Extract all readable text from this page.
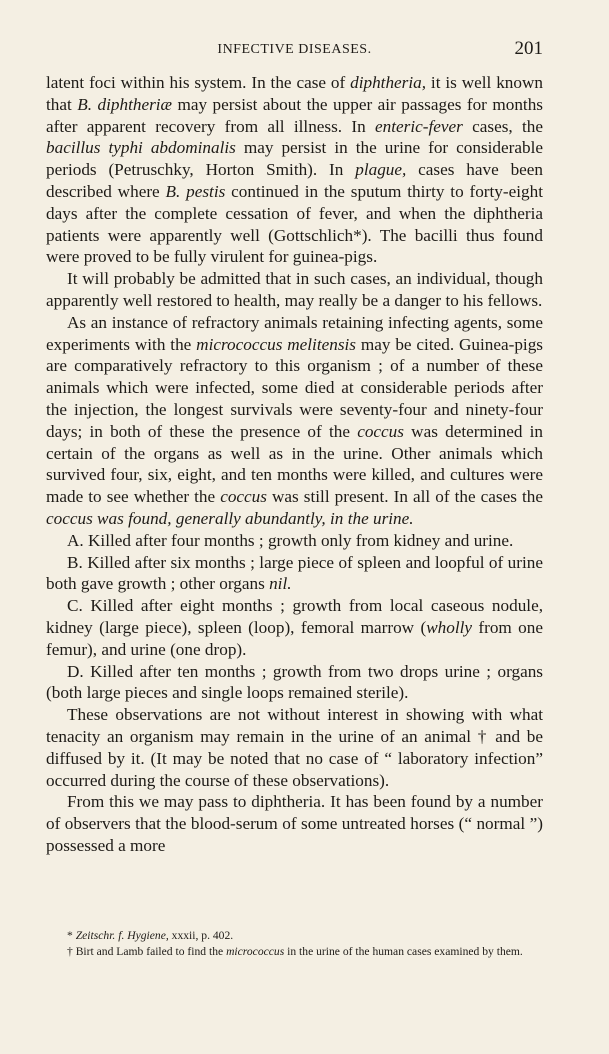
INFECTIVE DISEASES.	201

latent foci within his system. In the case of diphtheria, it is well known that B. diphtheriæ may persist about the upper air passages for months after apparent recovery from all illness. In enteric-fever cases, the bacillus typhi abdominalis may persist in the urine for considerable periods (Petruschky, Horton Smith). In plague, cases have been described where B. pestis continued in the sputum thirty to forty-eight days after the complete cessation of fever, and when the diphtheria patients were apparently well (Gottschlich*). The bacilli thus found were proved to be fully virulent for guinea-pigs.

It will probably be admitted that in such cases, an individual, though apparently well restored to health, may really be a danger to his fellows.

As an instance of refractory animals retaining infecting agents, some experiments with the micrococcus melitensis may be cited. Guinea-pigs are comparatively refractory to this organism ; of a number of these animals which were infected, some died at considerable periods after the injection, the longest survivals were seventy-four and ninety-four days; in both of these the presence of the coccus was determined in certain of the organs as well as in the urine. Other animals which survived four, six, eight, and ten months were killed, and cultures were made to see whether the coccus was still present. In all of the cases the coccus was found, generally abundantly, in the urine.

A. Killed after four months ; growth only from kidney and urine.

B. Killed after six months ; large piece of spleen and loopful of urine both gave growth ; other organs nil.

C. Killed after eight months ; growth from local caseous nodule, kidney (large piece), spleen (loop), femoral marrow (wholly from one femur), and urine (one drop).

D. Killed after ten months ; growth from two drops urine ; organs (both large pieces and single loops remained sterile).

These observations are not without interest in showing with what tenacity an organism may remain in the urine of an animal † and be diffused by it. (It may be noted that no case of “ laboratory infection” occurred during the course of these observations).

From this we may pass to diphtheria. It has been found by a number of observers that the blood-serum of some untreated horses (“ normal ”) possessed a more

* Zeitschr. f. Hygiene, xxxii, p. 402.

† Birt and Lamb failed to find the micrococcus in the urine of the human cases examined by them.
